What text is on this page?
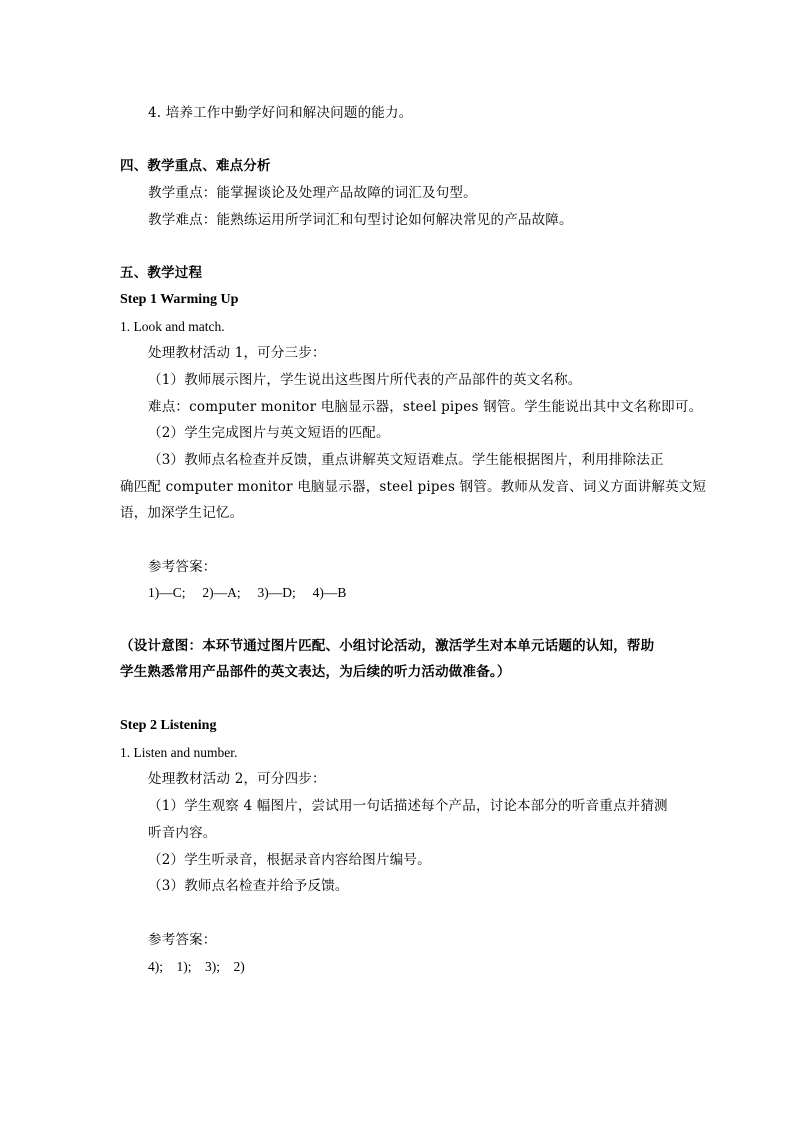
4. 培养工作中勤学好问和解决问题的能力。
四、教学重点、难点分析
教学重点：能掌握谈论及处理产品故障的词汇及句型。
教学难点：能熟练运用所学词汇和句型讨论如何解决常见的产品故障。
五、教学过程
Step 1 Warming Up
1. Look and match.
处理教材活动 1，可分三步：
（1）教师展示图片，学生说出这些图片所代表的产品部件的英文名称。
难点：computer monitor 电脑显示器，steel pipes 钢管。学生能说出其中文名称即可。
（2）学生完成图片与英文短语的匹配。
（3）教师点名检查并反馈，重点讲解英文短语难点。学生能根据图片，利用排除法正
确匹配 computer monitor 电脑显示器，steel pipes 钢管。教师从发音、词义方面讲解英文短
语，加深学生记忆。
参考答案：
1)—C;     2)—A;     3)—D;     4)—B
（设计意图：本环节通过图片匹配、小组讨论活动，激活学生对本单元话题的认知，帮助
学生熟悉常用产品部件的英文表达，为后续的听力活动做准备。）
Step 2 Listening
1. Listen and number.
处理教材活动 2，可分四步：
（1）学生观察 4 幅图片，尝试用一句话描述每个产品，讨论本部分的听音重点并猜测
听音内容。
（2）学生听录音，根据录音内容给图片编号。
（3）教师点名检查并给予反馈。
参考答案：
4);    1);    3);    2)
